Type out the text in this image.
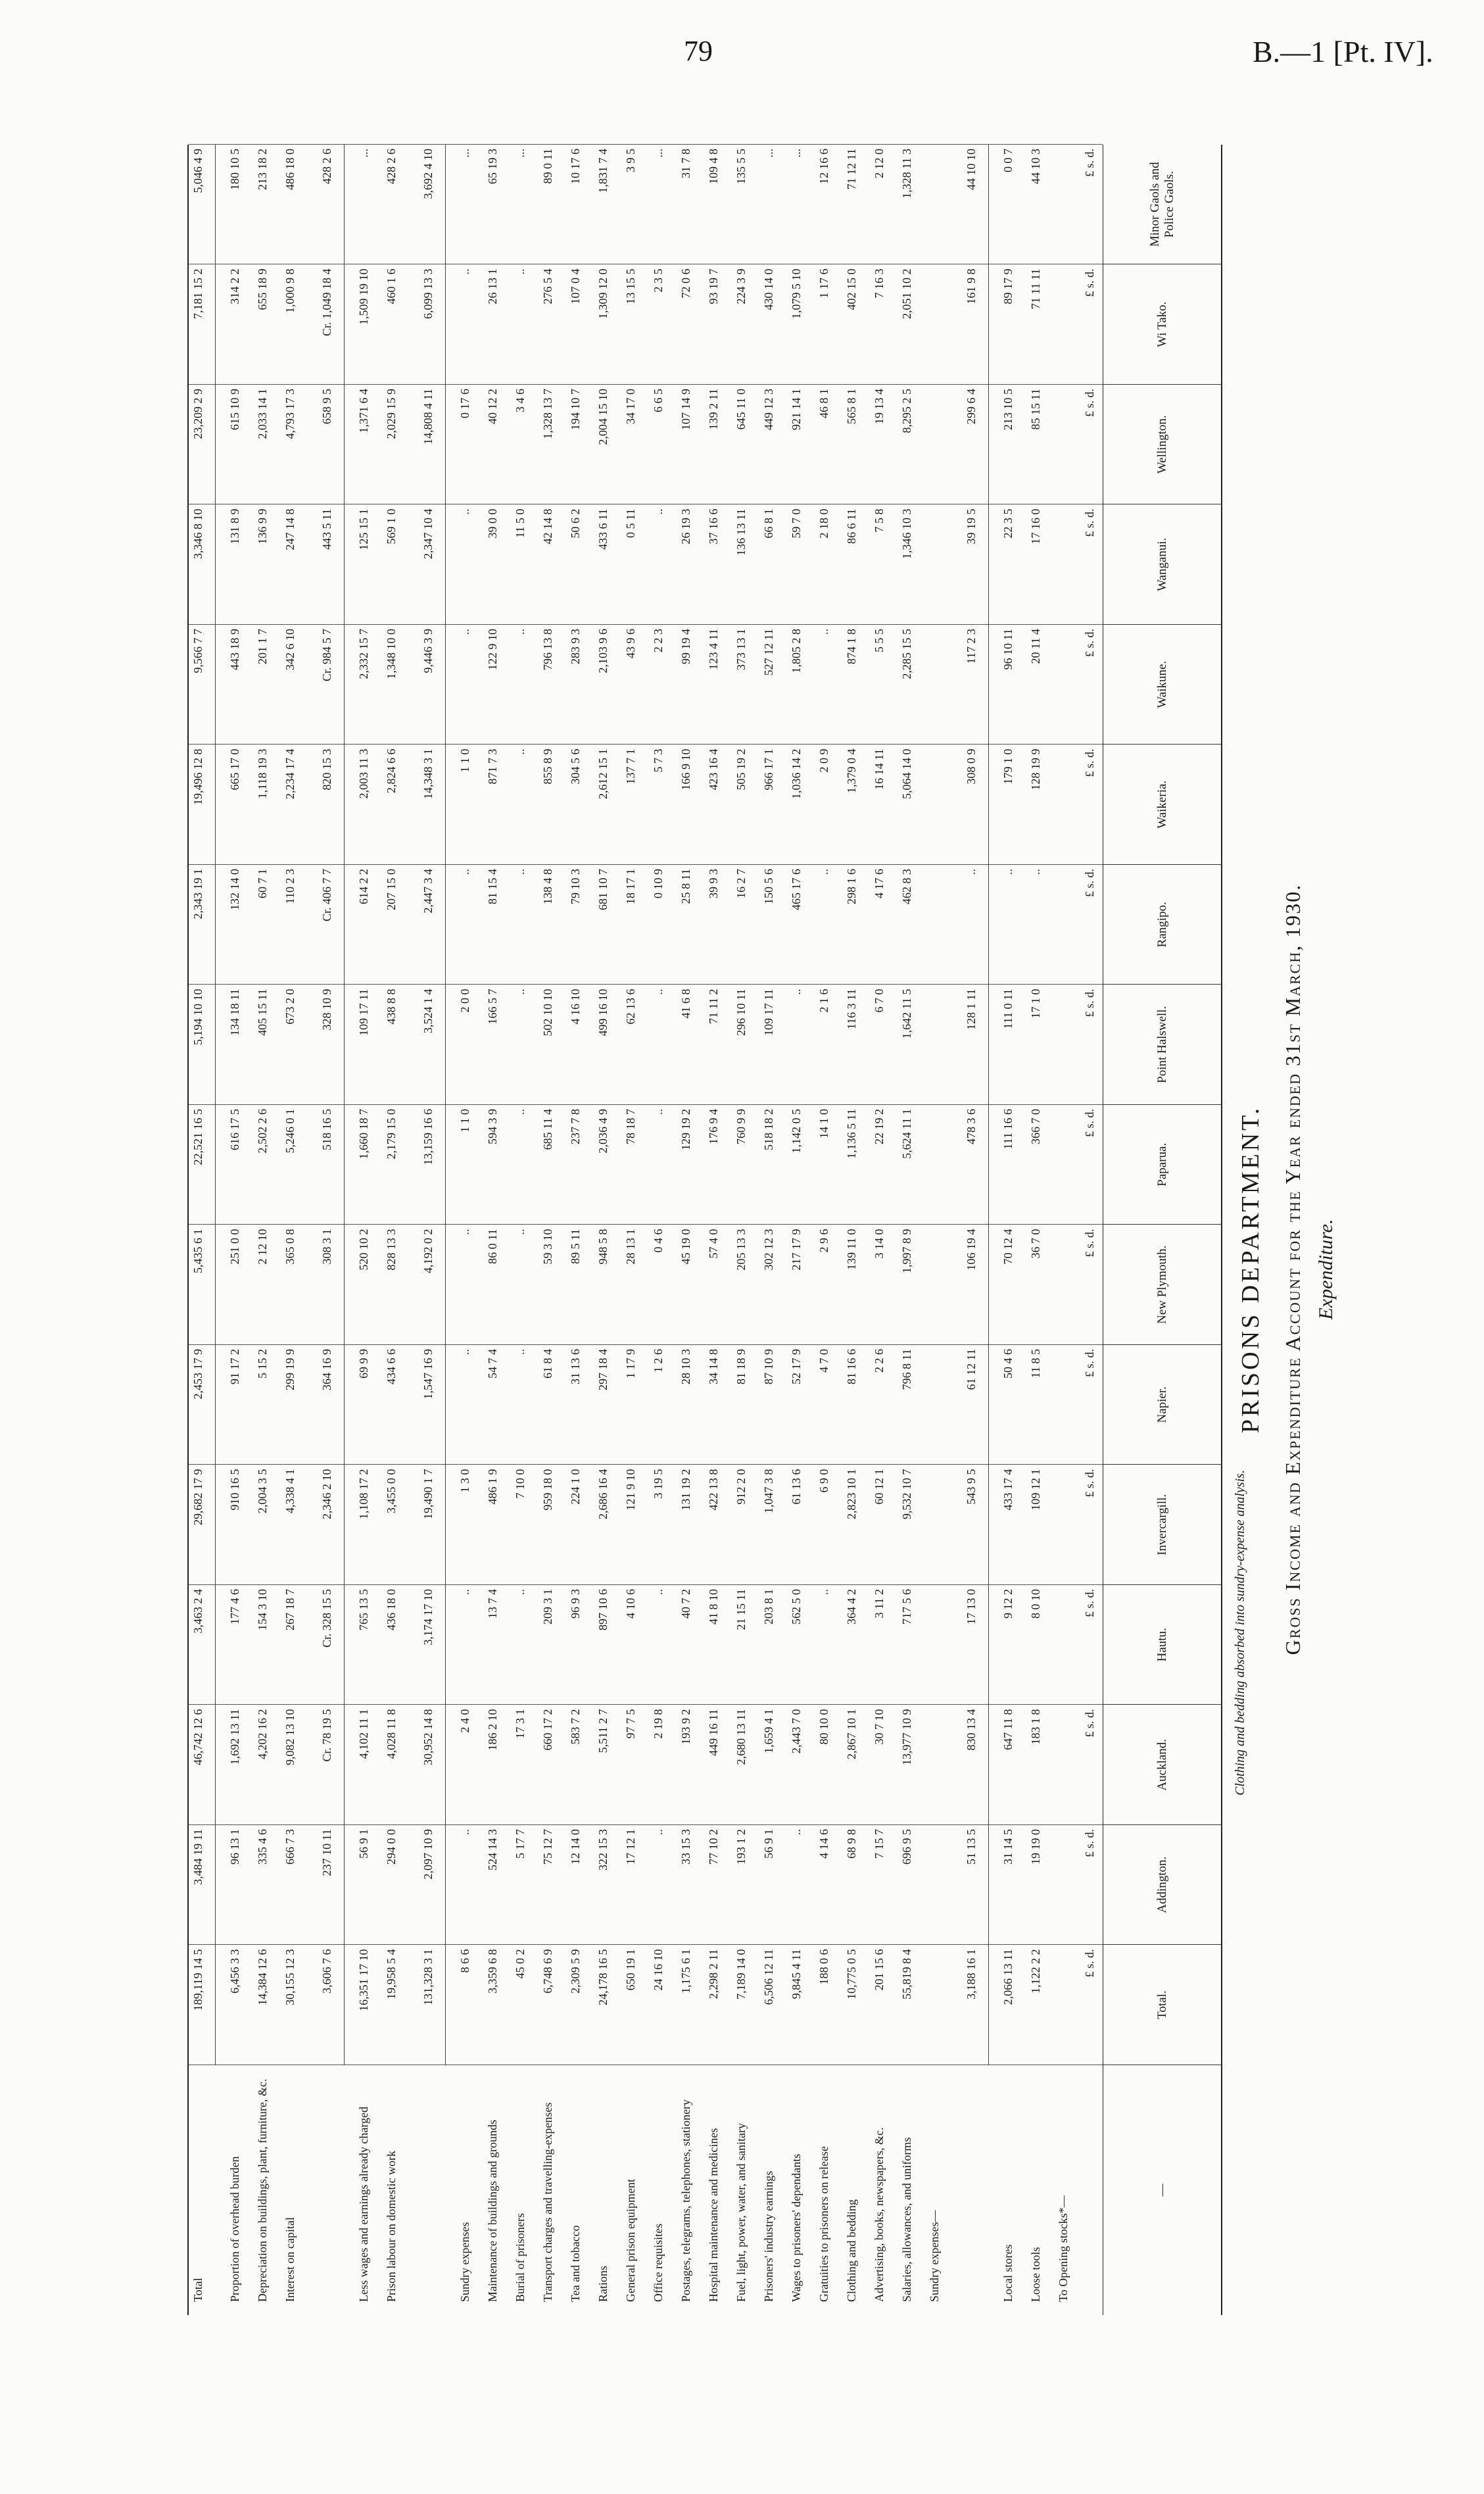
79	B.—1 [Pt. IV].
PRISONS DEPARTMENT. Gross Income and Expenditure Account for the Year ended 31st March, 1930. Expenditure.
—
Total.
Addington.
Auckland.
Hautu.
Invercargill.
Napier.
New Plymouth.
Paparua.
Point Halswell.
Rangipo.
Waikeria.
Waikune.
Wanganui.
Wellington.
Wi Tako.
Minor Gaols and Police Gaols.
£ s. d.
£ s. d.
£ s. d.
£ s. d.
£ s. d.
£ s. d.
£ s. d.
£ s. d.
£ s. d.
£ s. d.
£ s. d.
£ s. d.
£ s. d.
£ s. d.
£ s. d.
£ s. d.
To Opening stocks*—
Loose tools
1,122 2 2
19 19 0
183 1 8
8 0 10
109 12 1
11 8 5
36 7 0
366 7 0
17 1 0
..
128 19 9
20 11 4
17 16 0
85 15 11
71 11 11
44 10 3
Local stores
2,066 13 11
31 14 5
647 11 8
9 12 2
433 17 4
50 4 6
70 12 4
111 16 6
111 0 11
..
179 1 0
96 10 11
22 3 5
213 10 5
89 17 9
0 0 7
3,188 16 1
51 13 5
830 13 4
17 13 0
543 9 5
61 12 11
106 19 4
478 3 6
128 1 11
..
308 0 9
117 2 3
39 19 5
299 6 4
161 9 8
44 10 10
Sundry expenses—
Salaries, allowances, and uniforms
55,819 8 4
696 9 5
13,977 10 9
717 5 6
9,532 10 7
796 8 11
1,997 8 9
5,624 11 1
1,642 11 5
462 8 3
5,064 14 0
2,285 15 5
1,346 10 3
8,295 2 5
2,051 10 2
1,328 11 3
Advertising, books, newspapers, &c.
201 15 6
7 15 7
30 7 10
3 11 2
60 12 1
2 2 6
3 14 0
22 19 2
6 7 0
4 17 6
16 14 11
5 5 5
7 5 8
19 13 4
7 16 3
2 12 0
Clothing and bedding
10,775 0 5
68 9 8
2,867 10 1
364 4 2
2,823 10 1
81 16 6
139 11 0
1,136 5 11
116 3 11
298 1 6
1,379 0 4
874 1 8
86 6 11
565 8 1
402 15 0
71 12 11
Gratuities to prisoners on release
188 0 6
4 14 6
80 10 0
..
6 9 0
4 7 0
2 9 6
14 1 0
2 1 6
..
2 0 9
..
2 18 0
46 8 1
1 17 6
12 16 6
Wages to prisoners' dependants
9,845 4 11
..
2,443 7 0
562 5 0
61 13 6
52 17 9
217 17 9
1,142 0 5
..
465 17 6
1,036 14 2
1,805 2 8
59 7 0
921 14 1
1,079 5 10
...
Prisoners' industry earnings
6,506 12 11
56 9 1
1,659 4 1
203 8 1
1,047 3 8
87 10 9
302 12 3
518 18 2
109 17 11
150 5 6
966 17 1
527 12 11
66 8 1
449 12 3
430 14 0
...
Fuel, light, power, water, and sanitary
7,189 14 0
193 1 2
2,680 13 11
21 15 11
912 2 0
81 18 9
205 13 3
760 9 9
296 10 11
16 2 7
505 19 2
373 13 1
136 13 11
645 11 0
224 3 9
135 5 5
Hospital maintenance and medicines
2,298 2 11
77 10 2
449 16 11
41 8 10
422 13 8
34 14 8
57 4 0
176 9 4
71 11 2
39 9 3
423 16 4
123 4 11
37 16 6
139 2 11
93 19 7
109 4 8
Postages, telegrams, telephones, stationery
1,175 6 1
33 15 3
193 9 2
40 7 2
131 19 2
28 10 3
45 19 0
129 19 2
41 6 8
25 8 11
166 9 10
99 19 4
26 19 3
107 14 9
72 0 6
31 7 8
Office requisites
24 16 10
..
2 19 8
..
3 19 5
1 2 6
0 4 6
..
..
0 10 9
5 7 3
2 2 3
..
6 6 5
2 3 5
...
General prison equipment
650 19 1
17 12 1
97 7 5
4 10 6
121 9 10
1 17 9
28 13 1
78 18 7
62 13 6
18 17 1
137 7 1
43 9 6
0 5 11
34 17 0
13 15 5
3 9 5
Rations
24,178 16 5
322 15 3
5,511 2 7
897 10 6
2,686 16 4
297 18 4
948 5 8
2,036 4 9
499 16 10
681 10 7
2,612 15 1
2,103 9 6
433 6 11
2,004 15 10
1,309 12 0
1,831 7 4
Tea and tobacco
2,309 5 9
12 14 0
583 7 2
96 9 3
224 1 0
31 13 6
89 5 11
237 7 8
4 16 10
79 10 3
304 5 6
283 9 3
50 6 2
194 10 7
107 0 4
10 17 6
Transport charges and travelling-expenses
6,748 6 9
75 12 7
660 17 2
209 3 1
959 18 0
61 8 4
59 3 10
685 11 4
502 10 10
138 4 8
855 8 9
796 13 8
42 14 8
1,328 13 7
276 5 4
89 0 11
Burial of prisoners
45 0 2
5 17 7
17 3 1
..
7 10 0
..
..
..
..
..
..
..
11 5 0
3 4 6
..
...
Maintenance of buildings and grounds
3,359 6 8
524 14 3
186 2 10
13 7 4
486 1 9
54 7 4
86 0 11
594 3 9
166 5 7
81 15 4
871 7 3
122 9 10
39 0 0
40 12 2
26 13 1
65 19 3
Sundry expenses
8 6 6
..
2 4 0
..
1 3 0
..
..
1 1 0
2 0 0
..
1 1 0
..
..
0 17 6
..
...
131,328 3 1
2,097 10 9
30,952 14 8
3,174 17 10
19,490 1 7
1,547 16 9
4,192 0 2
13,159 16 6
3,524 1 4
2,447 3 4
14,348 3 1
9,446 3 9
2,347 10 4
14,808 4 11
6,099 13 3
3,692 4 10
Prison labour on domestic work
19,958 5 4
294 0 0
4,028 11 8
436 18 0
3,455 0 0
434 6 6
828 13 3
2,179 15 0
438 8 8
207 15 0
2,824 6 6
1,348 10 0
569 1 0
2,029 15 9
460 1 6
428 2 6
Less wages and earnings already charged
16,351 17 10
56 9 1
4,102 11 1
765 13 5
1,108 17 2
69 9 9
520 10 2
1,660 18 7
109 17 11
614 2 2
2,003 11 3
2,332 15 7
125 15 1
1,371 6 4
1,509 19 10
...
3,606 7 6
237 10 11
Cr. 78 19 5
Cr. 328 15 5
2,346 2 10
364 16 9
308 3 1
518 16 5
328 10 9
Cr. 406 7 7
820 15 3
Cr. 984 5 7
443 5 11
658 9 5
Cr. 1,049 18 4
428 2 6
Interest on capital
30,155 12 3
666 7 3
9,082 13 10
267 18 7
4,338 4 1
299 19 9
365 0 8
5,246 0 1
673 2 0
110 2 3
2,234 17 4
342 6 10
247 14 8
4,793 17 3
1,000 9 8
486 18 0
Depreciation on buildings, plant, furniture, &c.
14,384 12 6
335 4 6
4,202 16 2
154 3 10
2,004 3 5
5 15 2
2 12 10
2,502 2 6
405 15 11
60 7 1
1,118 19 3
201 1 7
136 9 9
2,033 14 1
655 18 9
213 18 2
Proportion of overhead burden
6,456 3 3
96 13 1
1,692 13 11
177 4 6
910 16 5
91 17 2
251 0 0
616 17 5
134 18 11
132 14 0
665 17 0
443 18 9
131 8 9
615 10 9
314 2 2
180 10 5
Total
189,119 14 5
3,484 19 11
46,742 12 6
3,463 2 4
29,682 17 9
2,453 17 9
5,435 6 1
22,521 16 5
5,194 10 10
2,343 19 1
19,496 12 8
9,566 7 7
3,346 8 10
23,209 2 9
7,181 15 2
5,046 4 9
Clothing and bedding absorbed into sundry-expense analysis.
